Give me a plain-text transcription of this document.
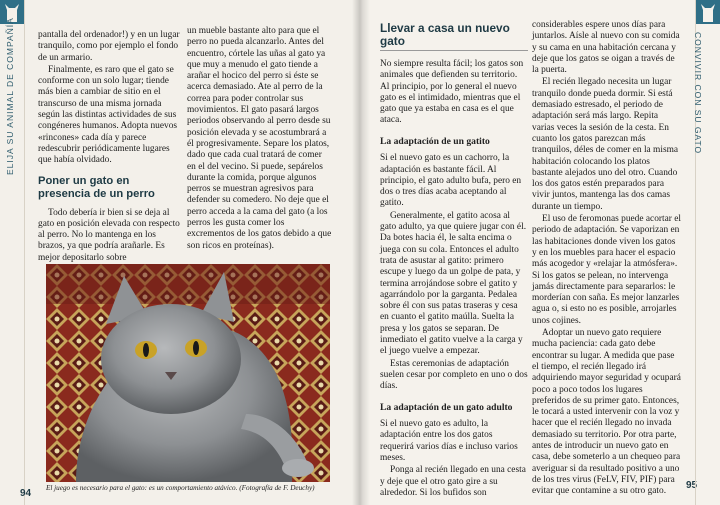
ELIJA SU ANIMAL DE COMPAÑÍA pantalla del ordenador!) y en un lugar tranquilo, como por ejemplo el fondo de un armario.

Finalmente, es raro que el gato se conforme con un solo lugar; tiende más bien a cambiar de sitio en el transcurso de una misma jornada según las distintas actividades de sus congéneres humanos. Adopta nuevos «rincones» cada día y parece redescubrir periódicamente lugares que había olvidado.

Poner un gato en presencia de un perro

Todo debería ir bien si se deja al gato en posición elevada con respecto al perro. No lo mantenga en los brazos, ya que podría arañarle. Es mejor depositarlo sobre

un mueble bastante alto para que el perro no pueda alcanzarlo. Antes del encuentro, córtele las uñas al gato ya que muy a menudo el gato tiende a arañar el hocico del perro si éste se acerca demasiado. Ate al perro de la correa para poder controlar sus movimientos. El gato pasará largos periodos observando al perro desde su posición elevada y se acostumbrará a él progresivamente. Separe los platos, dado que cada cual tratará de comer en el del vecino. Si puede, sepárelos durante la comida, porque algunos perros se muestran agresivos para defender su comedero. No deje que el perro acceda a la cama del gato (a los perros les gusta comer los excrementos de los gatos debido a que son ricos en proteínas).

El juego es necesario para el gato: es un comportamiento atávico. (Fotografía de F. Deuchy)
94
Llevar a casa un nuevo gato

No siempre resulta fácil; los gatos son animales que defienden su territorio. Al principio, por lo general el nuevo gato es el intimidado, mientras que el gato que ya estaba en casa es el que ataca.

La adaptación de un gatito

Si el nuevo gato es un cachorro, la adaptación es bastante fácil. Al principio, el gato adulto bufa, pero en dos o tres días acaba aceptando al gatito.

Generalmente, el gatito acosa al gato adulto, ya que quiere jugar con él. Da botes hacia él, le salta encima o juega con su cola. Entonces el adulto trata de asustar al gatito: primero escupe y luego da un golpe de pata, y termina arrojándose sobre el gatito y agarrándolo por la garganta. Pedalea sobre él con sus patas traseras y cesa en cuanto el gatito maúlla. Suelta la presa y los gatos se separan. De inmediato el gatito vuelve a la carga y el juego vuelve a empezar.

Estas ceremonias de adaptación suelen cesar por completo en uno o dos días.

La adaptación de un gato adulto

Si el nuevo gato es adulto, la adaptación entre los dos gatos requerirá varios días e incluso varios meses.

Ponga al recién llegado en una cesta y deje que el otro gato gire a su alrededor. Si los bufidos son

considerables espere unos días para juntarlos. Aísle al nuevo con su comida y su cama en una habitación cercana y deje que los gatos se oigan a través de la puerta.

El recién llegado necesita un lugar tranquilo donde pueda dormir. Si está demasiado estresado, el periodo de adaptación será más largo. Repita varias veces la sesión de la cesta. En cuanto los gatos parezcan más tranquilos, déles de comer en la misma habitación colocando los platos bastante alejados uno del otro. Cuando los dos gatos estén preparados para vivir juntos, mantenga las dos camas durante un tiempo.

El uso de feromonas puede acortar el periodo de adaptación. Se vaporizan en las habitaciones donde viven los gatos y en los muebles para hacer el espacio más acogedor y «relajar la atmósfera». Si los gatos se pelean, no intervenga jamás directamente para separarlos: le morderían con saña. Es mejor lanzarles agua o, si esto no es posible, arrojarles unos cojines.

Adoptar un nuevo gato requiere mucha paciencia: cada gato debe encontrar su lugar. A medida que pase el tiempo, el recién llegado irá adquiriendo mayor seguridad y ocupará poco a poco todos los lugares preferidos de su primer gato. Entonces, le tocará a usted intervenir con la voz y hacer que el recién llegado no invada demasiado su territorio. Por otra parte, antes de introducir un nuevo gato en casa, debe someterlo a un chequeo para averiguar si da resultado positivo a uno de los tres virus (FeLV, FIV, PIF) para evitar que contamine a su otro gato.

95
CONVIVIR CON SU GATO
